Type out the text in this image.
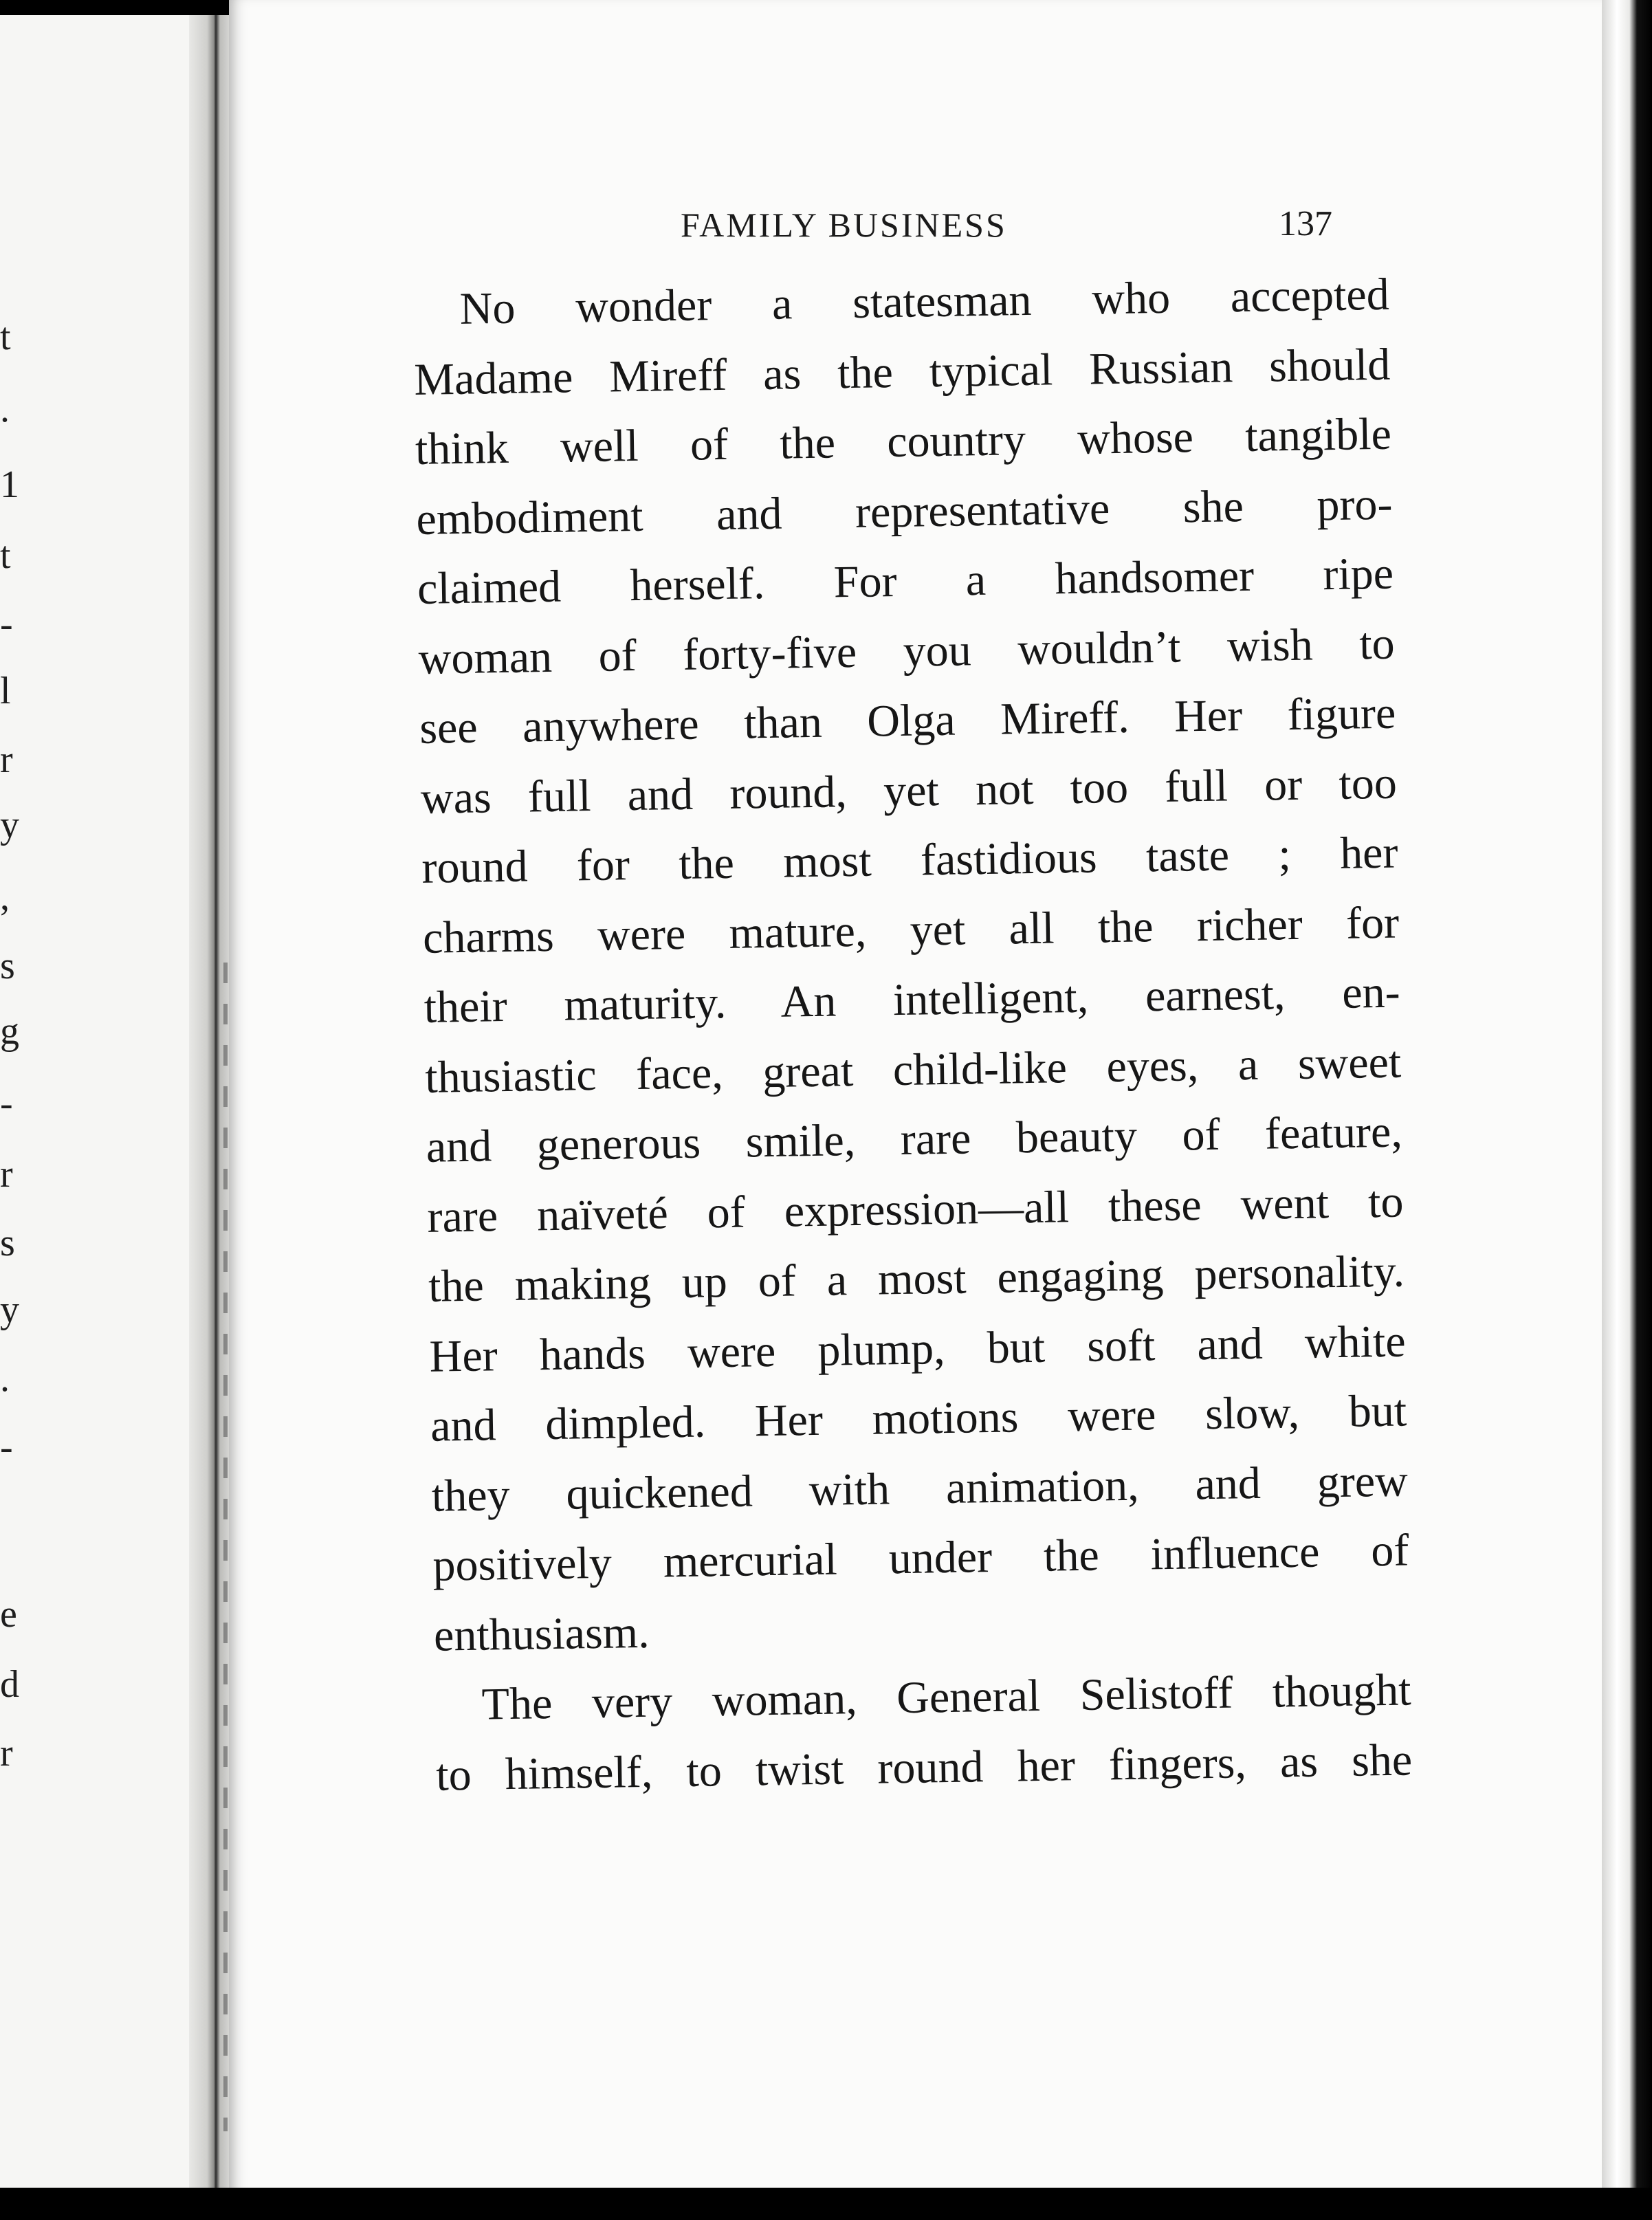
t
.
1
t
-
l
r
y
,
s
g
-
r
s
y
.
-
e
d
r
FAMILY BUSINESS	137
No wonder a statesman who accepted
Madame Mireff as the typical Russian should
think well of the country whose tangible
embodiment and representative she pro-
claimed herself. For a handsomer ripe
woman of forty-five you wouldn’t wish to
see anywhere than Olga Mireff. Her figure
was full and round, yet not too full or too
round for the most fastidious taste ; her
charms were mature, yet all the richer for
their maturity. An intelligent, earnest, en-
thusiastic face, great child-like eyes, a sweet
and generous smile, rare beauty of feature,
rare naïveté of expression—all these went to
the making up of a most engaging personality.
Her hands were plump, but soft and white
and dimpled. Her motions were slow, but
they quickened with animation, and grew
positively mercurial under the influence of
enthusiasm.
The very woman, General Selistoff thought
to himself, to twist round her fingers, as she
